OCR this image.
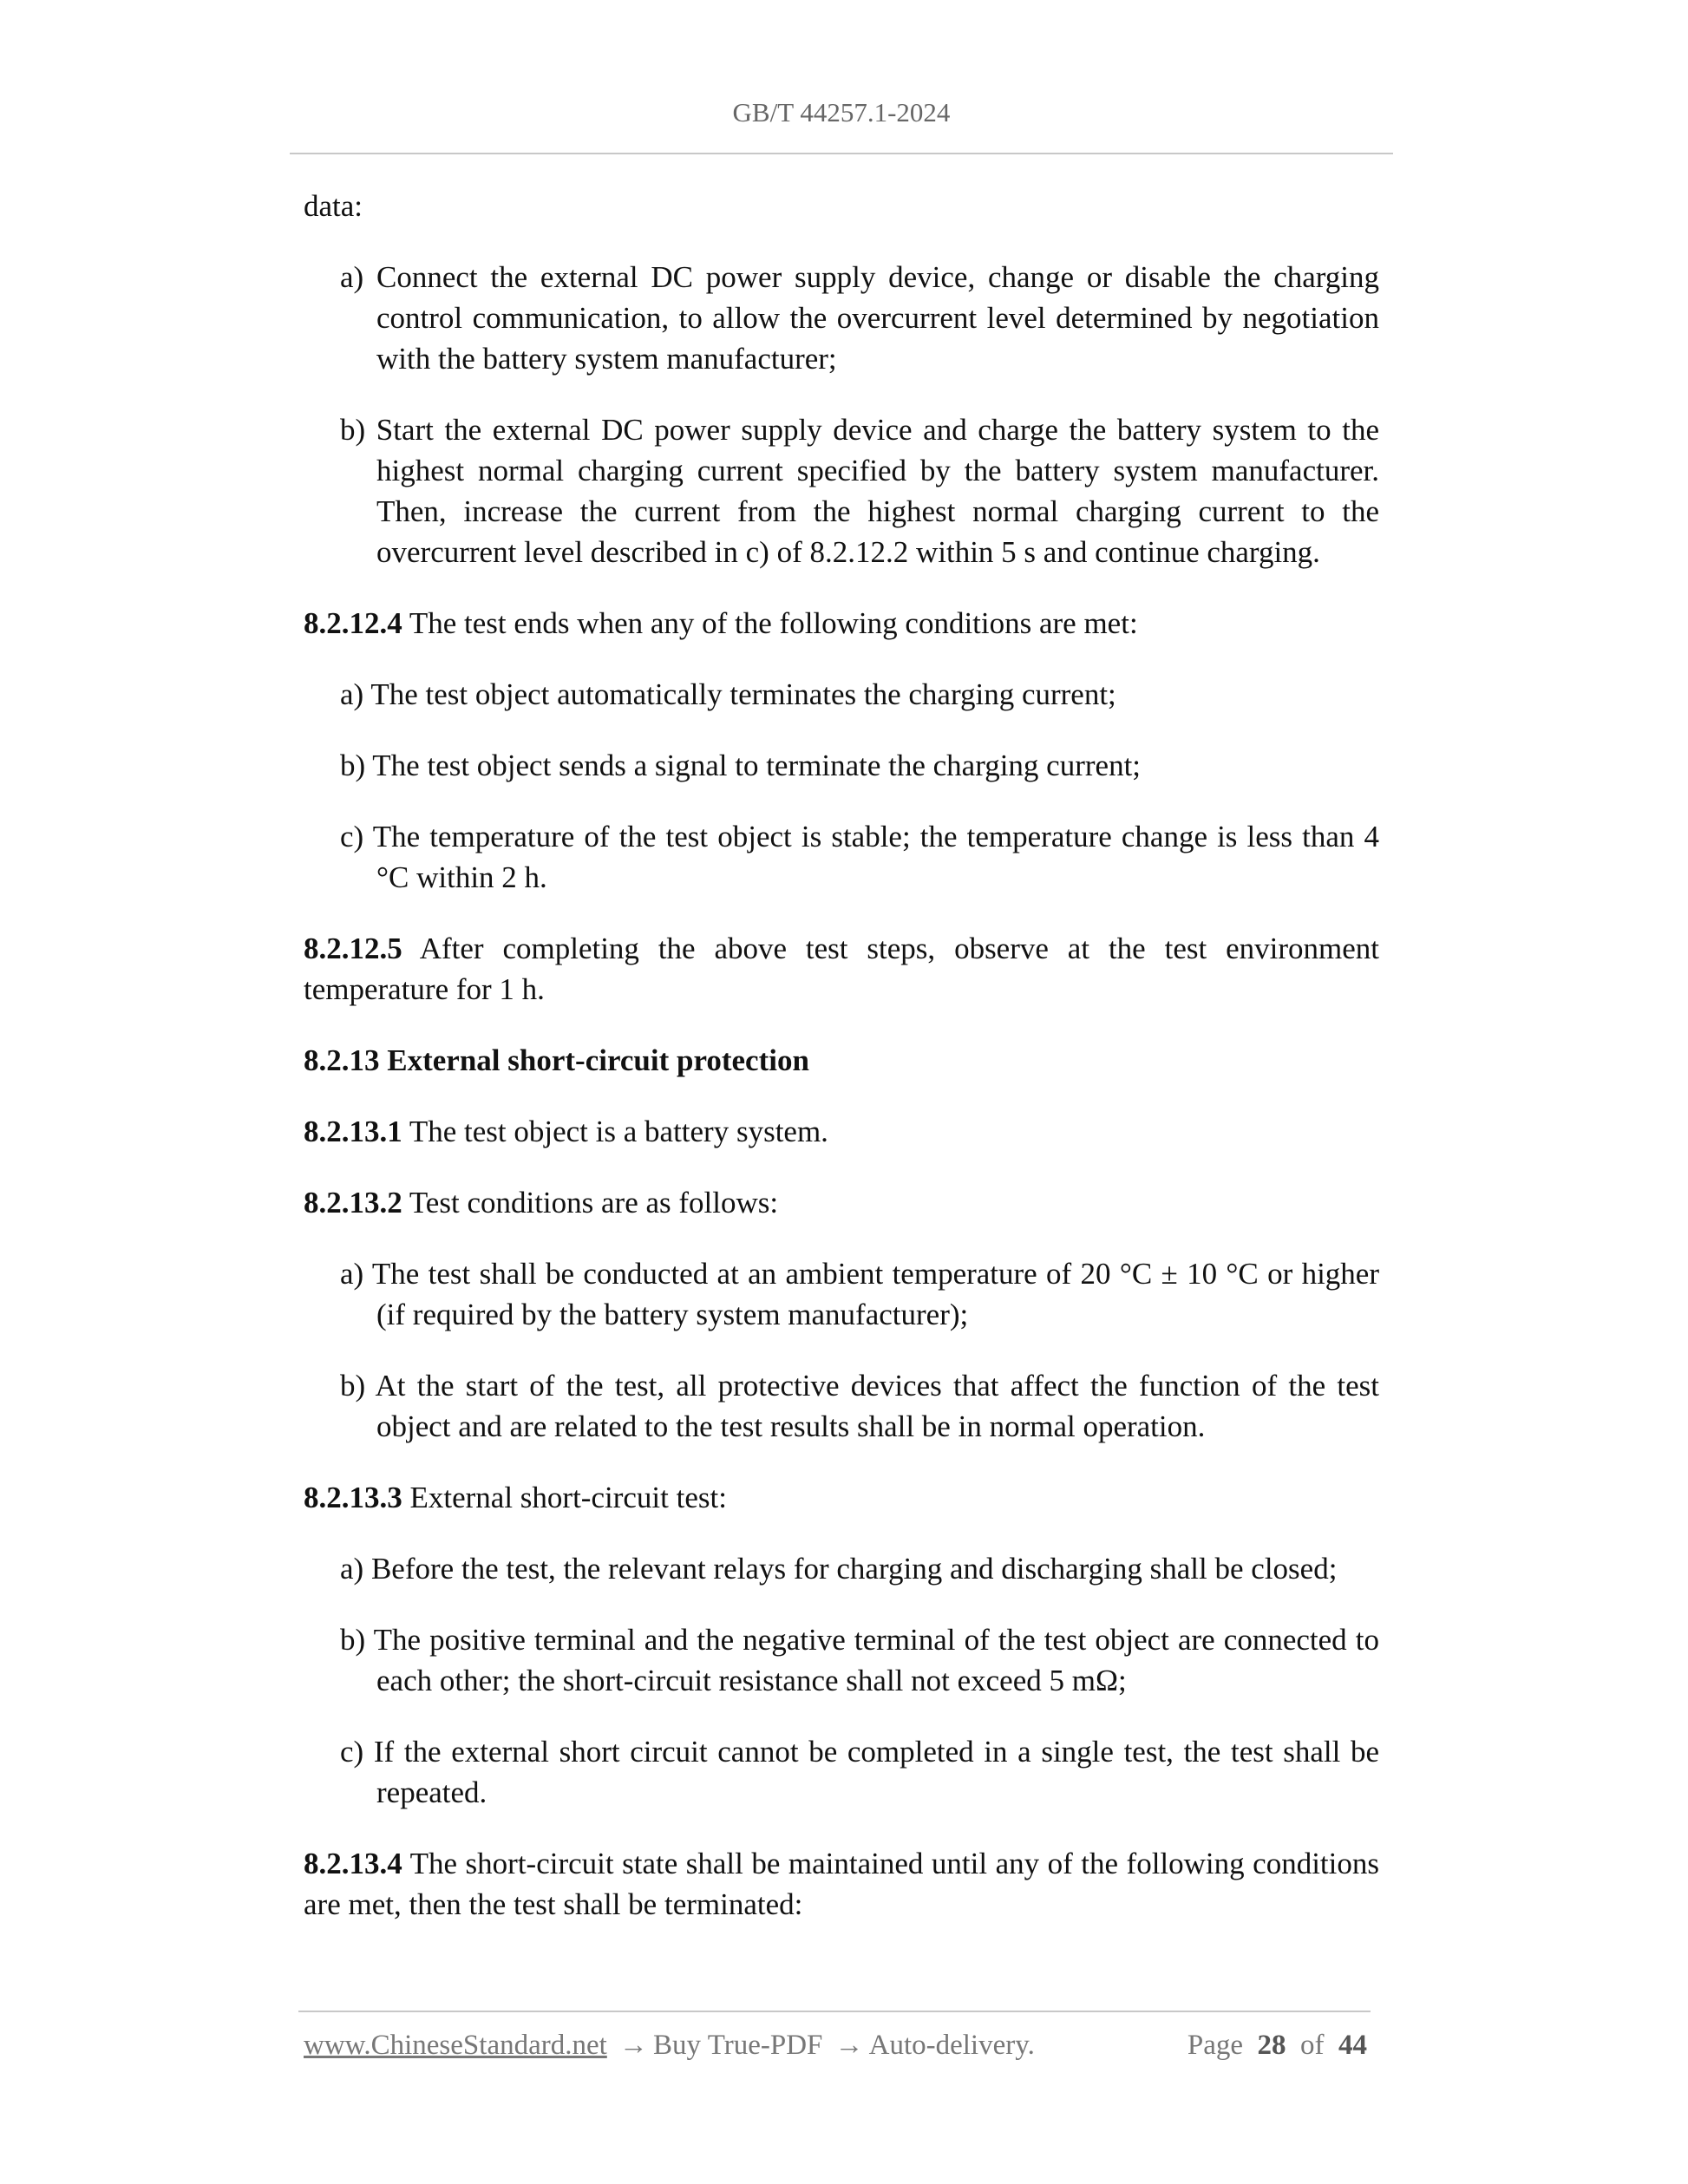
GB/T 44257.1-2024

data:

a) Connect the external DC power supply device, change or disable the charging control communication, to allow the overcurrent level determined by negotiation with the battery system manufacturer;
b) Start the external DC power supply device and charge the battery system to the highest normal charging current specified by the battery system manufacturer. Then, increase the current from the highest normal charging current to the overcurrent level described in c) of 8.2.12.2 within 5 s and continue charging.

8.2.12.4 The test ends when any of the following conditions are met:

a) The test object automatically terminates the charging current;
b) The test object sends a signal to terminate the charging current;
c) The temperature of the test object is stable; the temperature change is less than 4 °C within 2 h.

8.2.12.5 After completing the above test steps, observe at the test environment temperature for 1 h.

8.2.13 External short-circuit protection

8.2.13.1 The test object is a battery system.

8.2.13.2 Test conditions are as follows:

a) The test shall be conducted at an ambient temperature of 20 °C ± 10 °C or higher (if required by the battery system manufacturer);
b) At the start of the test, all protective devices that affect the function of the test object and are related to the test results shall be in normal operation.

8.2.13.3 External short-circuit test:

a) Before the test, the relevant relays for charging and discharging shall be closed;
b) The positive terminal and the negative terminal of the test object are connected to each other; the short-circuit resistance shall not exceed 5 mΩ;
c) If the external short circuit cannot be completed in a single test, the test shall be repeated.

8.2.13.4 The short-circuit state shall be maintained until any of the following conditions are met, then the test shall be terminated:

www.ChineseStandard.net → Buy True-PDF → Auto-delivery.	Page 28 of 44
